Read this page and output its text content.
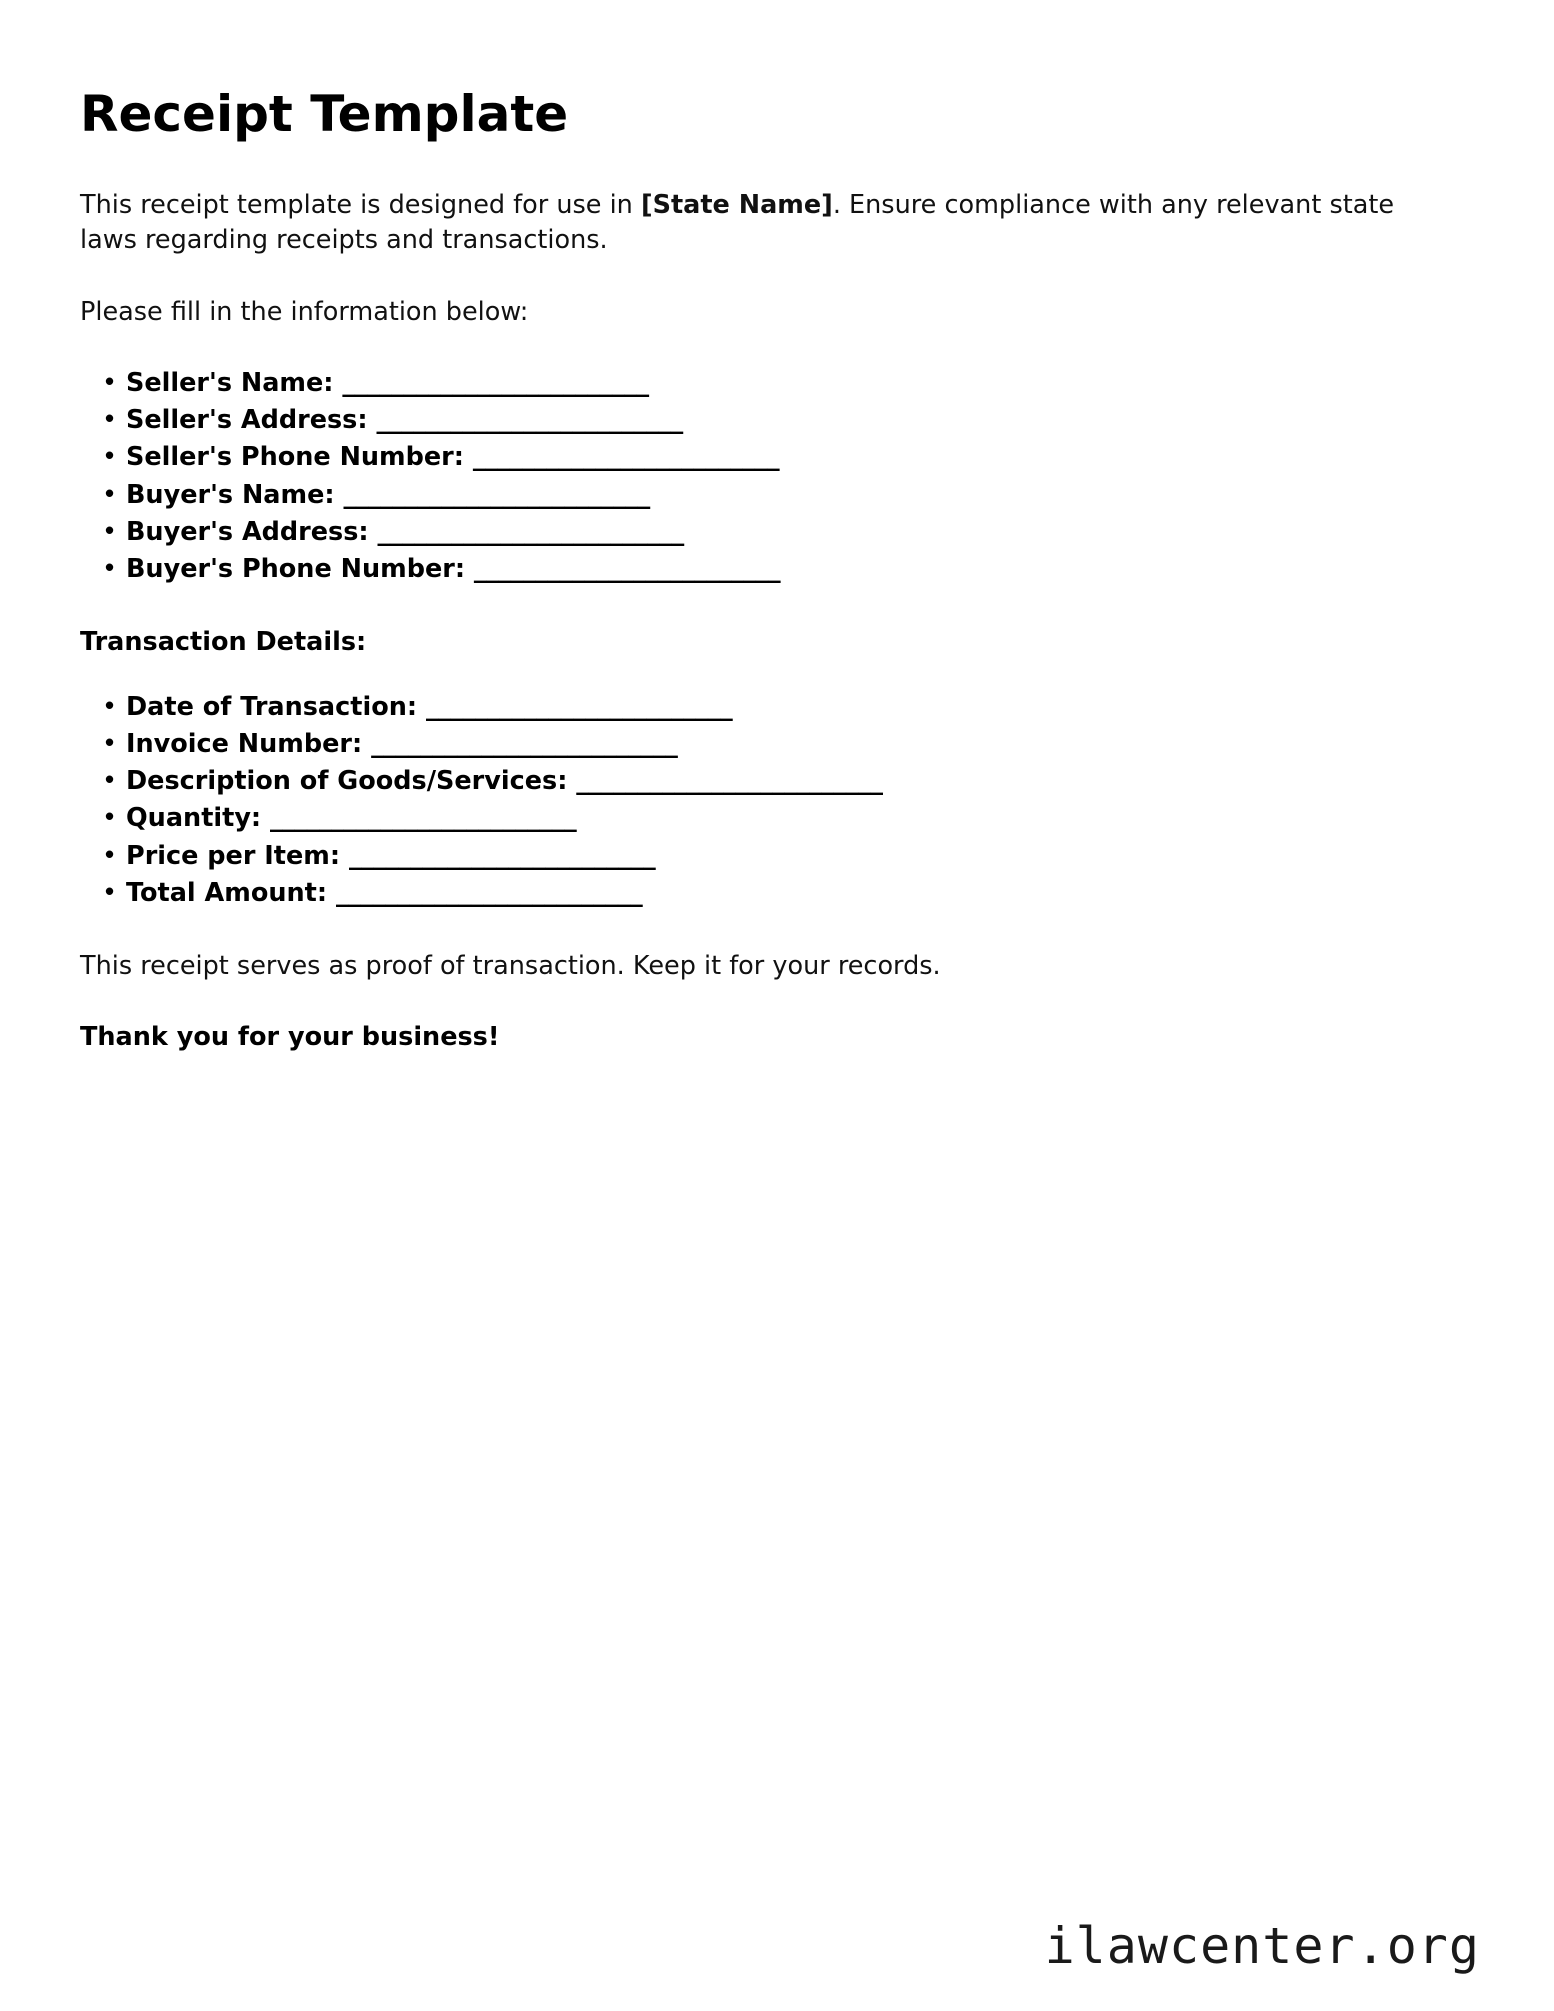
Receipt Template

This receipt template is designed for use in [State Name]. Ensure compliance with any relevant state laws regarding receipts and transactions.

Please fill in the information below:

• Seller's Name: _________________________
• Seller's Address: _________________________
• Seller's Phone Number: _________________________
• Buyer's Name: _________________________
• Buyer's Address: _________________________
• Buyer's Phone Number: _________________________

Transaction Details:

• Date of Transaction: _________________________
• Invoice Number: _________________________
• Description of Goods/Services: _________________________
• Quantity: _________________________
• Price per Item: _________________________
• Total Amount: _________________________

This receipt serves as proof of transaction. Keep it for your records.

Thank you for your business!

ilawcenter.org
